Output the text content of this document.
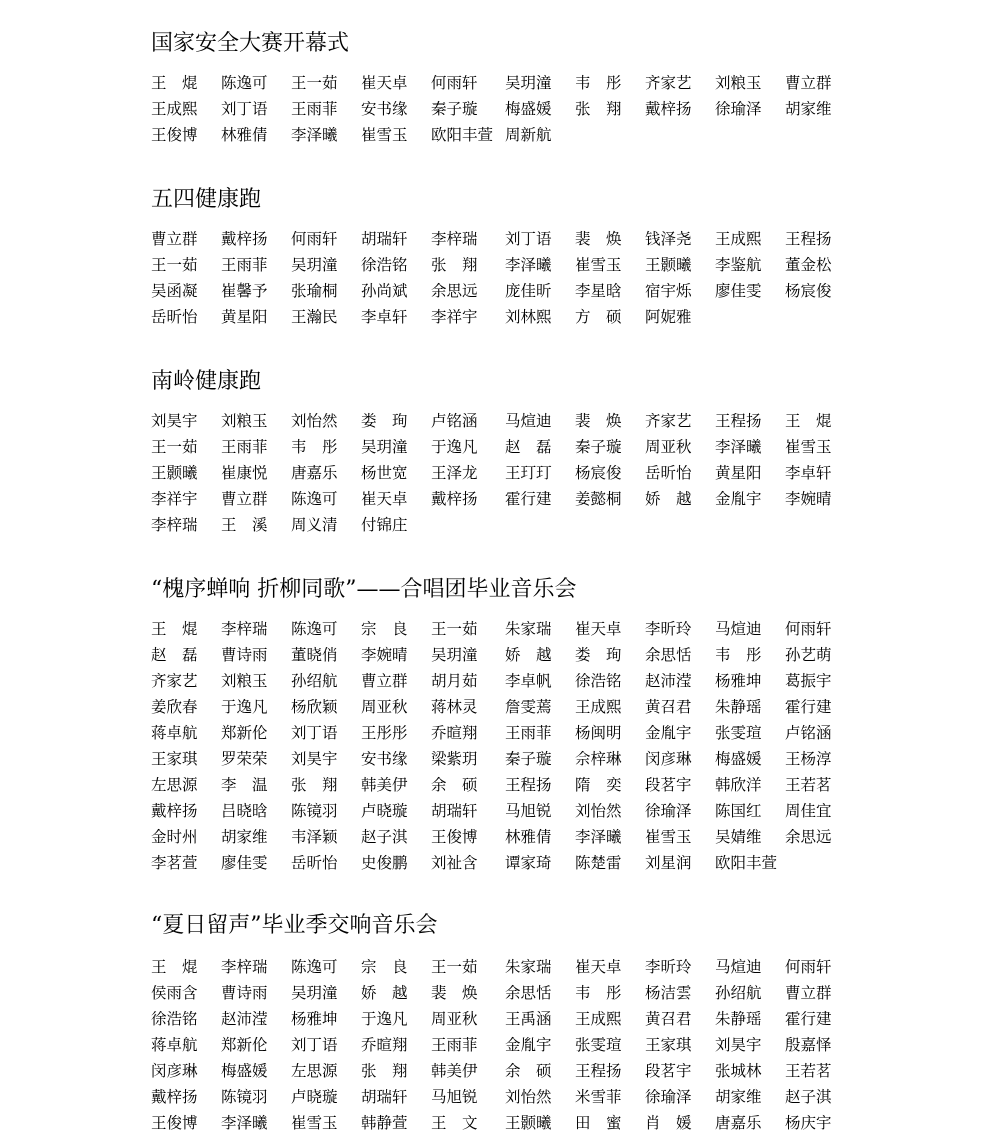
国家安全大赛开幕式
王　焜 陈逸可 王一茹 崔天卓 何雨轩 吴玥潼 韦　彤 齐家艺 刘粮玉 曹立群
王成熙 刘丁语 王雨菲 安书缘 秦子璇 梅盛媛 张　翔 戴梓扬 徐瑜泽 胡家维
王俊博 林雅倩 李泽曦 崔雪玉 欧阳丰萱 周新航
五四健康跑
曹立群 戴梓扬 何雨轩 胡瑞轩 李梓瑞 刘丁语 裴　焕 钱泽尧 王成熙 王程扬
王一茹 王雨菲 吴玥潼 徐浩铭 张　翔 李泽曦 崔雪玉 王颢曦 李鉴航 董金松
吴函凝 崔馨予 张瑜桐 孙尚斌 余思远 庞佳昕 李星晗 宿宇烁 廖佳雯 杨宸俊
岳昕怡 黄星阳 王瀚民 李卓轩 李祥宇 刘林熙 方　硕 阿妮雅
南岭健康跑
刘昊宇 刘粮玉 刘怡然 娄　珣 卢铭涵 马煊迪 裴　焕 齐家艺 王程扬 王　焜
王一茹 王雨菲 韦　彤 吴玥潼 于逸凡 赵　磊 秦子璇 周亚秋 李泽曦 崔雪玉
王颢曦 崔康悦 唐嘉乐 杨世宽 王泽龙 王玎玎 杨宸俊 岳昕怡 黄星阳 李卓轩
李祥宇 曹立群 陈逸可 崔天卓 戴梓扬 霍行建 姜懿桐 娇　越 金胤宇 李婉晴
李梓瑞 王　溪 周义清 付锦庄
“槐序蝉响 折柳同歌”——合唱团毕业音乐会
王　焜 李梓瑞 陈逸可 宗　良 王一茹 朱家瑞 崔天卓 李昕玲 马煊迪 何雨轩
赵　磊 曹诗雨 董晓俏 李婉晴 吴玥潼 娇　越 娄　珣 余思恬 韦　彤 孙艺萌
齐家艺 刘粮玉 孙绍航 曹立群 胡月茹 李卓帆 徐浩铭 赵沛滢 杨雅坤 葛振宇
姜欣春 于逸凡 杨欣颖 周亚秋 蒋林灵 詹雯蔫 王成熙 黄召君 朱静瑶 霍行建
蒋卓航 郑新伦 刘丁语 王彤彤 乔暄翔 王雨菲 杨闽明 金胤宇 张雯瑄 卢铭涵
王家琪 罗荣荣 刘昊宇 安书缘 梁紫玥 秦子璇 佘梓琳 闵彦琳 梅盛媛 王杨淳
左思源 李　温 张　翔 韩美伊 余　硕 王程扬 隋　奕 段茗宇 韩欣洋 王若茗
戴梓扬 吕晓晗 陈镜羽 卢晓璇 胡瑞轩 马旭锐 刘怡然 徐瑜泽 陈国红 周佳宜
金时州 胡家维 韦泽颖 赵子淇 王俊博 林雅倩 李泽曦 崔雪玉 吴婧维 余思远
李茗萱 廖佳雯 岳昕怡 史俊鹏 刘祉含 谭家琦 陈楚雷 刘星润 欧阳丰萱
“夏日留声”毕业季交响音乐会
王　焜 李梓瑞 陈逸可 宗　良 王一茹 朱家瑞 崔天卓 李昕玲 马煊迪 何雨轩
侯雨含 曹诗雨 吴玥潼 娇　越 裴　焕 余思恬 韦　彤 杨洁雲 孙绍航 曹立群
徐浩铭 赵沛滢 杨雅坤 于逸凡 周亚秋 王禹涵 王成熙 黄召君 朱静瑶 霍行建
蒋卓航 郑新伦 刘丁语 乔暄翔 王雨菲 金胤宇 张雯瑄 王家琪 刘昊宇 殷嘉怿
闵彦琳 梅盛媛 左思源 张　翔 韩美伊 余　硕 王程扬 段茗宇 张城林 王若茗
戴梓扬 陈镜羽 卢晓璇 胡瑞轩 马旭锐 刘怡然 米雪菲 徐瑜泽 胡家维 赵子淇
王俊博 李泽曦 崔雪玉 韩静萱 王　文 王颢曦 田　蜜 肖　媛 唐嘉乐 杨庆宇
